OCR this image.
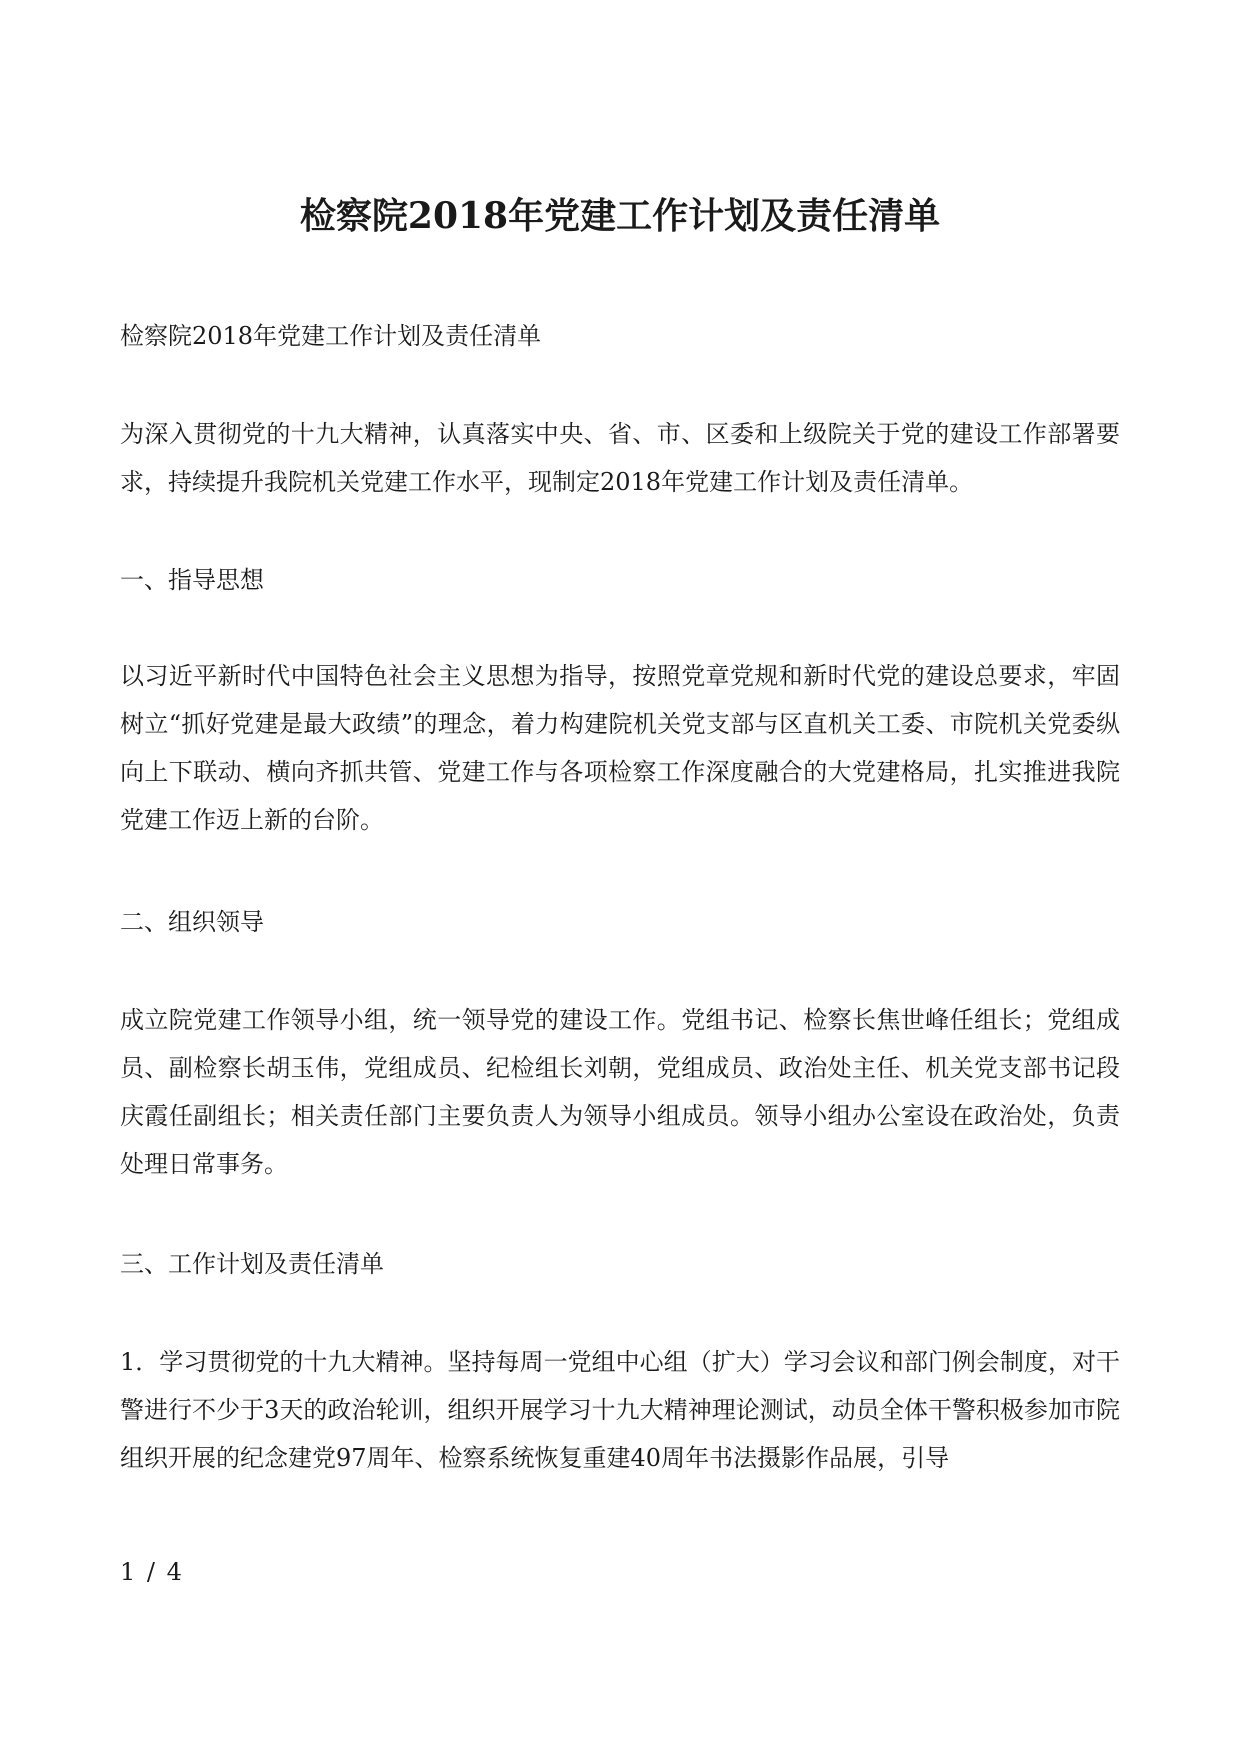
检察院2018年党建工作计划及责任清单

检察院2018年党建工作计划及责任清单

为深入贯彻党的十九大精神，认真落实中央、省、市、区委和上级院关于党的建设工作部署要求，持续提升我院机关党建工作水平，现制定2018年党建工作计划及责任清单。

一、指导思想

以习近平新时代中国特色社会主义思想为指导，按照党章党规和新时代党的建设总要求，牢固树立“抓好党建是最大政绩”的理念，着力构建院机关党支部与区直机关工委、市院机关党委纵向上下联动、横向齐抓共管、党建工作与各项检察工作深度融合的大党建格局，扎实推进我院党建工作迈上新的台阶。

二、组织领导

成立院党建工作领导小组，统一领导党的建设工作。党组书记、检察长焦世峰任组长；党组成员、副检察长胡玉伟，党组成员、纪检组长刘朝，党组成员、政治处主任、机关党支部书记段庆霞任副组长；相关责任部门主要负责人为领导小组成员。领导小组办公室设在政治处，负责处理日常事务。

三、工作计划及责任清单

1．学习贯彻党的十九大精神。坚持每周一党组中心组（扩大）学习会议和部门例会制度，对干警进行不少于3天的政治轮训，组织开展学习十九大精神理论测试，动员全体干警积极参加市院组织开展的纪念建党97周年、检察系统恢复重建40周年书法摄影作品展，引导

1 / 4
